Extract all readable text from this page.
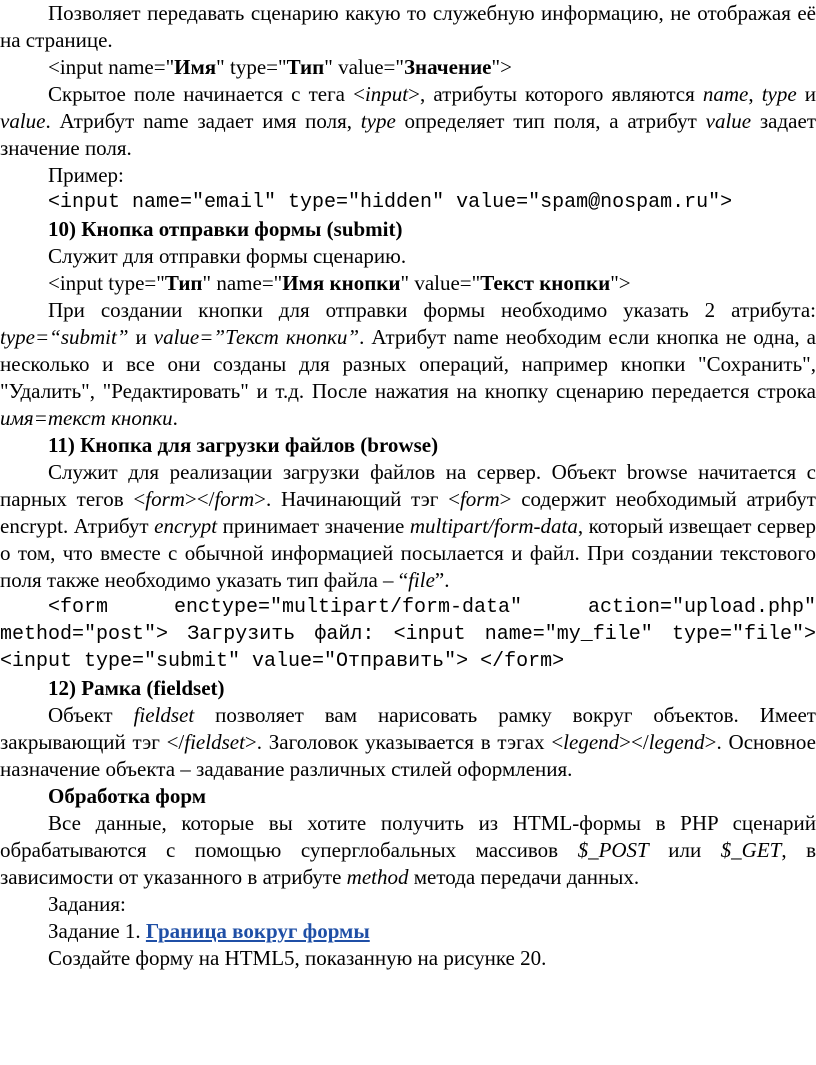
Позволяет передавать сценарию какую то служебную информацию, не отображая её на странице.

<input name="Имя" type="Тип" value="Значение">

Скрытое поле начинается с тега <input>, атрибуты которого являются name, type и value. Атрибут name задает имя поля, type определяет тип поля, а атрибут value задает значение поля.

Пример:

<input name="email" type="hidden" value="spam@nospam.ru">

10) Кнопка отправки формы (submit)

Служит для отправки формы сценарию.

<input type="Тип" name="Имя кнопки" value="Текст кнопки">

При создании кнопки для отправки формы необходимо указать 2 атрибута: type=“submit” и value=”Текст кнопки”. Атрибут name необходим если кнопка не одна, а несколько и все они созданы для разных операций, например кнопки "Сохранить", "Удалить", "Редактировать" и т.д. После нажатия на кнопку сценарию передается строка имя=текст кнопки.

11) Кнопка для загрузки файлов (browse)

Служит для реализации загрузки файлов на сервер. Объект browse начитается с парных тегов <form></form>. Начинающий тэг <form> содержит необходимый атрибут encrypt. Атрибут encrypt принимает значение multipart/form-data, который извещает сервер о том, что вместе с обычной информацией посылается и файл. При создании текстового поля также необходимо указать тип файла – “file”.

<form enctype="multipart/form-data" action="upload.php" method="post"> Загрузить файл: <input name="my_file" type="file"> <input type="submit" value="Отправить"> </form>

12) Рамка (fieldset)

Объект fieldset позволяет вам нарисовать рамку вокруг объектов. Имеет закрывающий тэг </fieldset>. Заголовок указывается в тэгах <legend></legend>. Основное назначение объекта – задавание различных стилей оформления.

Обработка форм

Все данные, которые вы хотите получить из HTML-формы в PHP сценарий обрабатываются с помощью суперглобальных массивов $_POST или $_GET, в зависимости от указанного в атрибуте method метода передачи данных.

Задания:

Задание 1. Граница вокруг формы

Создайте форму на HTML5, показанную на рисунке 20.
